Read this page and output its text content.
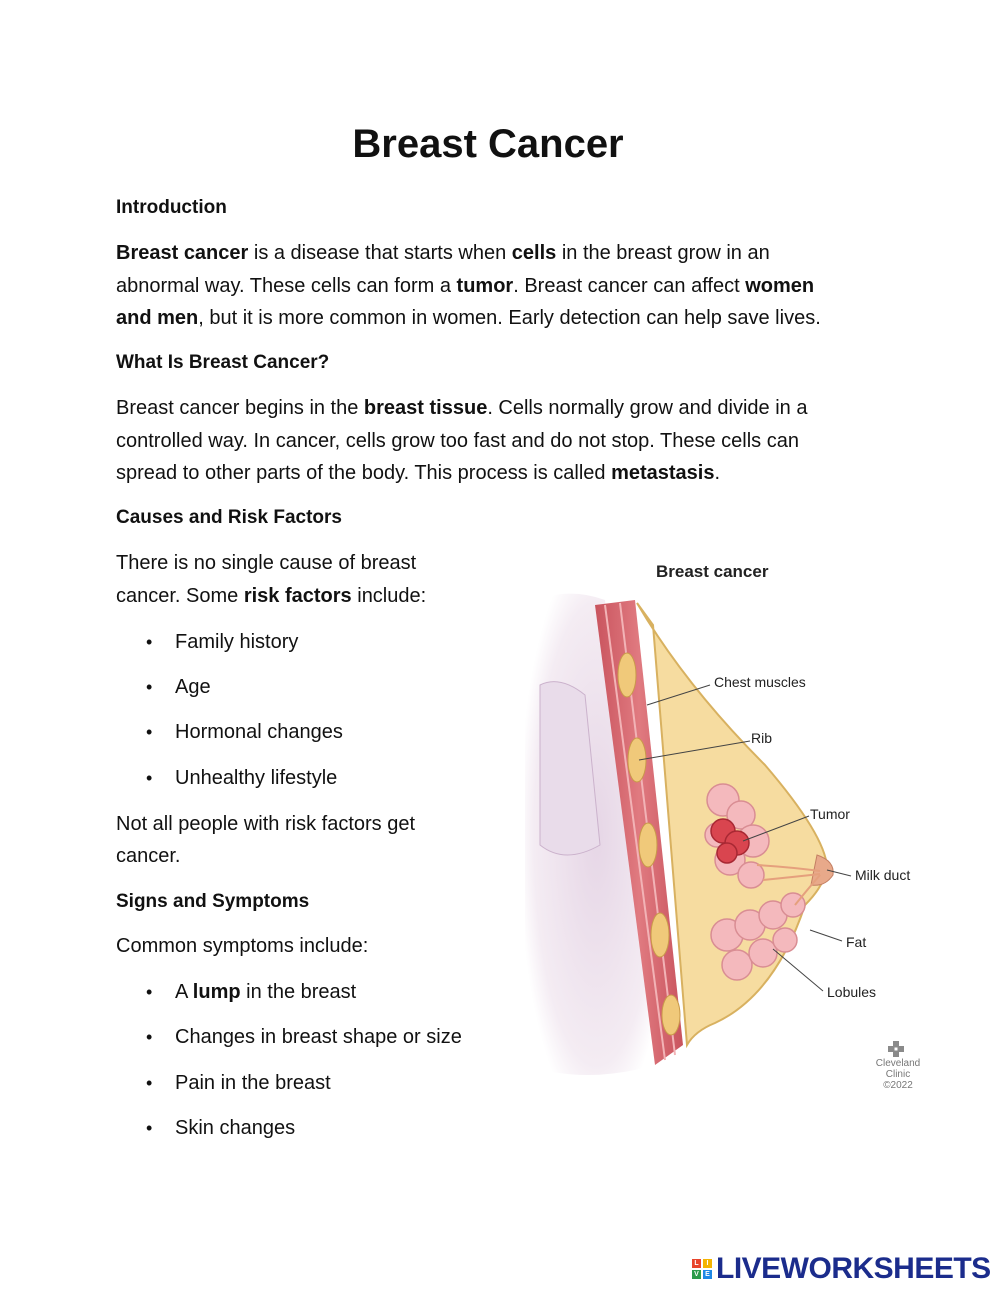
Breast Cancer

Introduction

Breast cancer is a disease that starts when cells in the breast grow in an

abnormal way. These cells can form a tumor. Breast cancer can affect women

and men, but it is more common in women. Early detection can help save lives.

What Is Breast Cancer?

Breast cancer begins in the breast tissue. Cells normally grow and divide in a

controlled way. In cancer, cells grow too fast and do not stop. These cells can

spread to other parts of the body. This process is called metastasis.

Causes and Risk Factors

There is no single cause of breast

cancer. Some risk factors include:

• Family history

• Age

• Hormonal changes

• Unhealthy lifestyle

Not all people with risk factors get

cancer.

Signs and Symptoms

Common symptoms include:

• A lump in the breast

• Changes in breast shape or size

• Pain in the breast

• Skin changes

Breast cancer
Chest muscles
Rib
Tumor
Milk duct
Fat
Lobules
Cleveland
Clinic
©2022
L	I
V E LIVEWORKSHEETS
